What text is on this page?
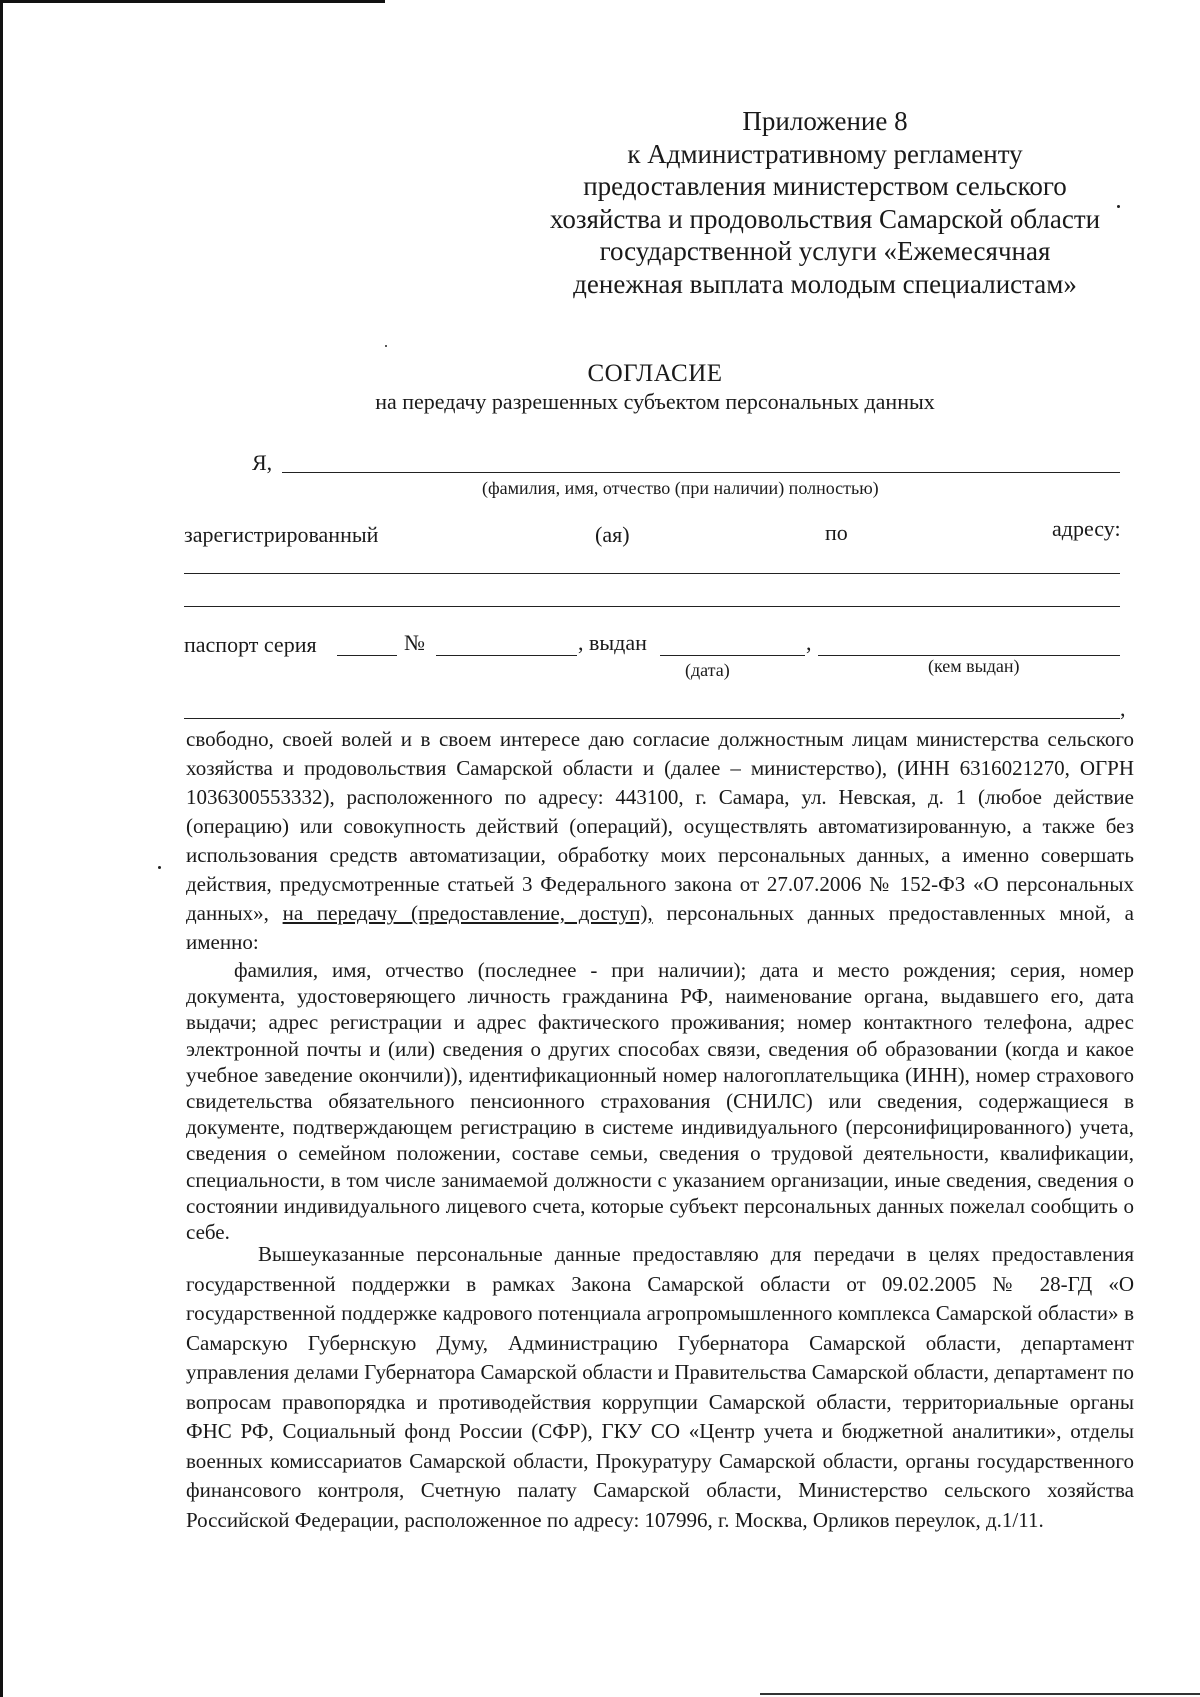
Приложение 8
к Административному регламенту
предоставления министерством сельского
хозяйства и продовольствия Самарской области
государственной услуги «Ежемесячная
денежная выплата молодым специалистам»
СОГЛАСИЕ
на передачу разрешенных субъектом персональных данных
Я,
(фамилия, имя, отчество (при наличии) полностью)
зарегистрированный	(ая)	по	адресу:
паспорт серия	№	, выдан	,
(дата)	(кем выдан)
,

свободно, своей волей и в своем интересе даю согласие должностным лицам министерства сельского хозяйства и продовольствия Самарской области и (далее – министерство), (ИНН 6316021270, ОГРН 1036300553332), расположенного по адресу: 443100, г. Самара, ул. Невская, д. 1 (любое действие (операцию) или совокупность действий (операций), осуществлять автоматизированную, а также без использования средств автоматизации, обработку моих персональных данных, а именно совершать действия, предусмотренные статьей 3 Федерального закона от 27.07.2006 № 152-ФЗ «О персональных данных», на передачу (предоставление, доступ), персональных данных предоставленных мной, а именно:

фамилия, имя, отчество (последнее - при наличии); дата и место рождения; серия, номер документа, удостоверяющего личность гражданина РФ, наименование органа, выдавшего его, дата выдачи; адрес регистрации и адрес фактического проживания; номер контактного телефона, адрес электронной почты и (или) сведения о других способах связи, сведения об образовании (когда и какое учебное заведение окончили)), идентификационный номер налогоплательщика (ИНН), номер страхового свидетельства обязательного пенсионного страхования (СНИЛС) или сведения, содержащиеся в документе, подтверждающем регистрацию в системе индивидуального (персонифицированного) учета, сведения о семейном положении, составе семьи, сведения о трудовой деятельности, квалификации, специальности, в том числе занимаемой должности с указанием организации, иные сведения, сведения о состоянии индивидуального лицевого счета, которые субъект персональных данных пожелал сообщить о себе.

Вышеуказанные персональные данные предоставляю для передачи в целях предоставления государственной поддержки в рамках Закона Самарской области от 09.02.2005 № 28-ГД «О государственной поддержке кадрового потенциала агропромышленного комплекса Самарской области» в Самарскую Губернскую Думу, Администрацию Губернатора Самарской области, департамент управления делами Губернатора Самарской области и Правительства Самарской области, департамент по вопросам правопорядка и противодействия коррупции Самарской области, территориальные органы ФНС РФ, Социальный фонд России (СФР), ГКУ СО «Центр учета и бюджетной аналитики», отделы военных комиссариатов Самарской области, Прокуратуру Самарской области, органы государственного финансового контроля, Счетную палату Самарской области, Министерство сельского хозяйства Российской Федерации, расположенное по адресу: 107996, г. Москва, Орликов переулок, д.1/11.
